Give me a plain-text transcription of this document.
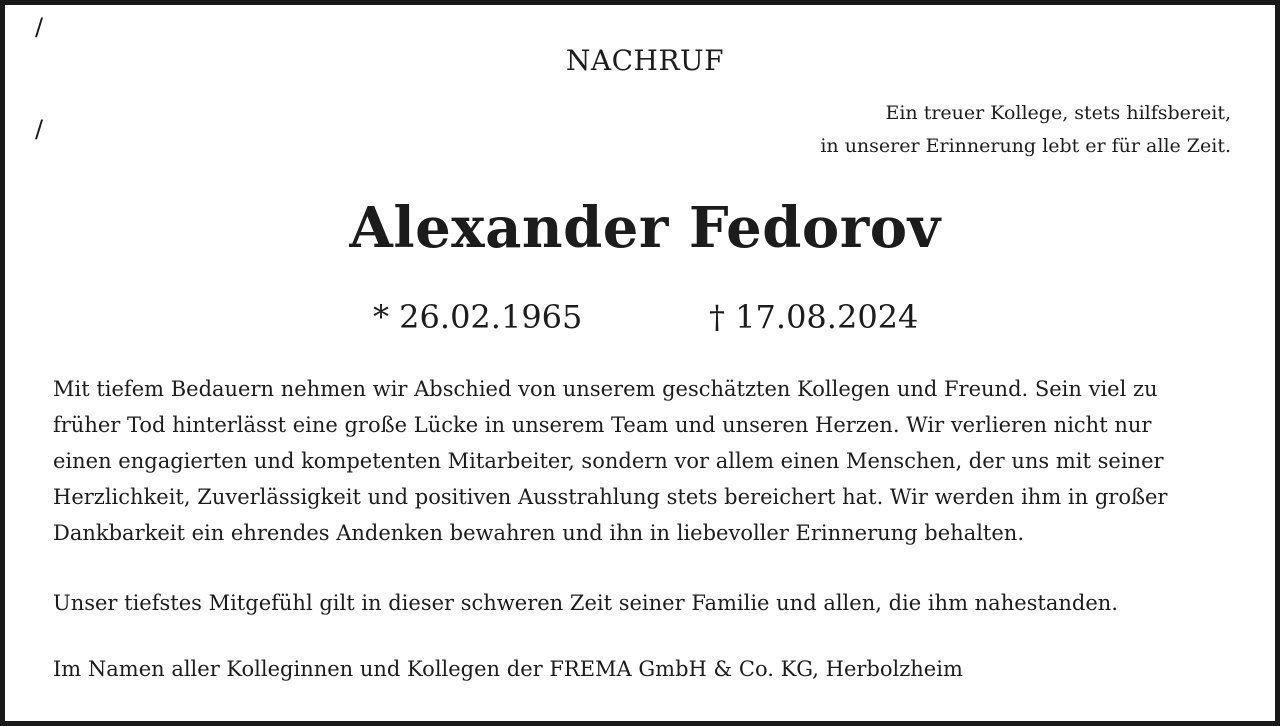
/
/
NACHRUF
Ein treuer Kollege, stets hilfsbereit,
in unserer Erinnerung lebt er für alle Zeit.
Alexander Fedorov
* 26.02.1965	† 17.08.2024
Mit tiefem Bedauern nehmen wir Abschied von unserem geschätzten Kollegen und Freund. Sein viel zu
früher Tod hinterlässt eine große Lücke in unserem Team und unseren Herzen. Wir verlieren nicht nur
einen engagierten und kompetenten Mitarbeiter, sondern vor allem einen Menschen, der uns mit seiner
Herzlichkeit, Zuverlässigkeit und positiven Ausstrahlung stets bereichert hat. Wir werden ihm in großer
Dankbarkeit ein ehrendes Andenken bewahren und ihn in liebevoller Erinnerung behalten.
Unser tiefstes Mitgefühl gilt in dieser schweren Zeit seiner Familie und allen, die ihm nahestanden.
Im Namen aller Kolleginnen und Kollegen der FREMA GmbH & Co. KG, Herbolzheim
